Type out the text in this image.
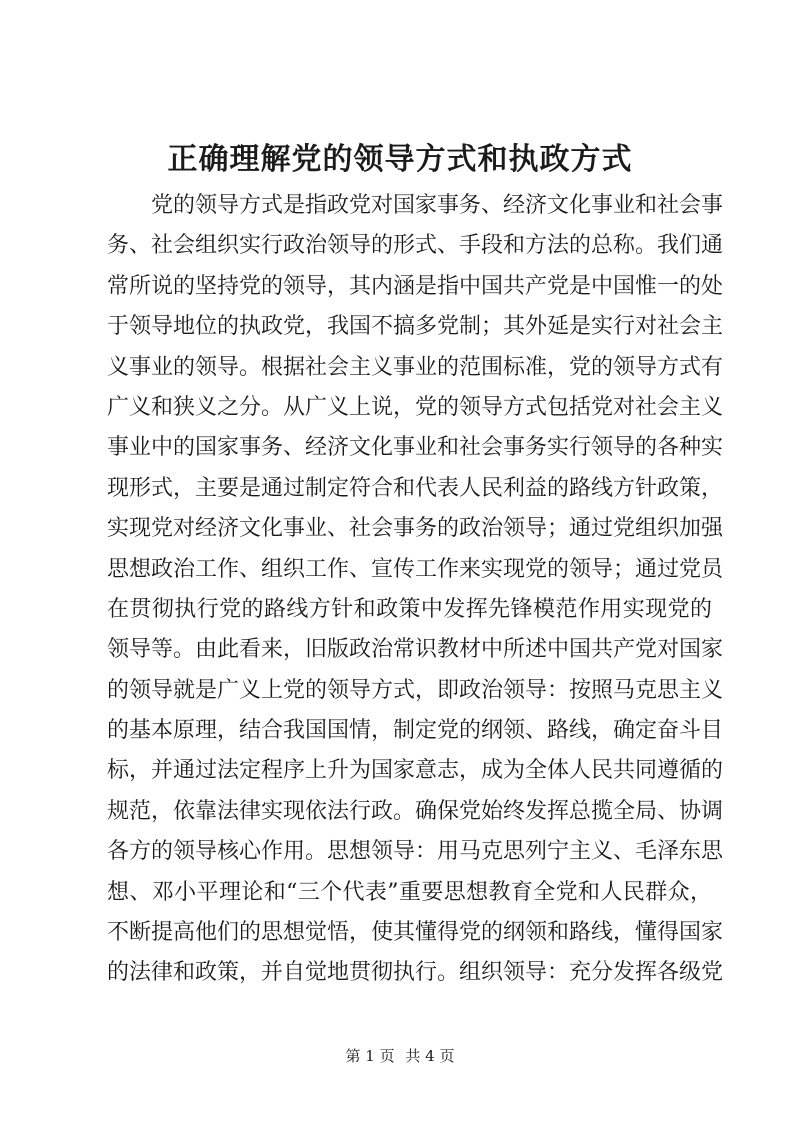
正确理解党的领导方式和执政方式

党的领导方式是指政党对国家事务、经济文化事业和社会事

务、社会组织实行政治领导的形式、手段和方法的总称。我们通

常所说的坚持党的领导，其内涵是指中国共产党是中国惟一的处

于领导地位的执政党，我国不搞多党制；其外延是实行对社会主

义事业的领导。根据社会主义事业的范围标准，党的领导方式有

广义和狭义之分。从广义上说，党的领导方式包括党对社会主义

事业中的国家事务、经济文化事业和社会事务实行领导的各种实

现形式，主要是通过制定符合和代表人民利益的路线方针政策，

实现党对经济文化事业、社会事务的政治领导；通过党组织加强

思想政治工作、组织工作、宣传工作来实现党的领导；通过党员

在贯彻执行党的路线方针和政策中发挥先锋模范作用实现党的

领导等。由此看来，旧版政治常识教材中所述中国共产党对国家

的领导就是广义上党的领导方式，即政治领导：按照马克思主义

的基本原理，结合我国国情，制定党的纲领、路线，确定奋斗目

标，并通过法定程序上升为国家意志，成为全体人民共同遵循的

规范，依靠法律实现依法行政。确保党始终发挥总揽全局、协调

各方的领导核心作用。思想领导：用马克思列宁主义、毛泽东思

想、邓小平理论和“三个代表”重要思想教育全党和人民群众，

不断提高他们的思想觉悟，使其懂得党的纲领和路线，懂得国家

的法律和政策，并自觉地贯彻执行。组织领导：充分发挥各级党

第 1 页 共 4 页
